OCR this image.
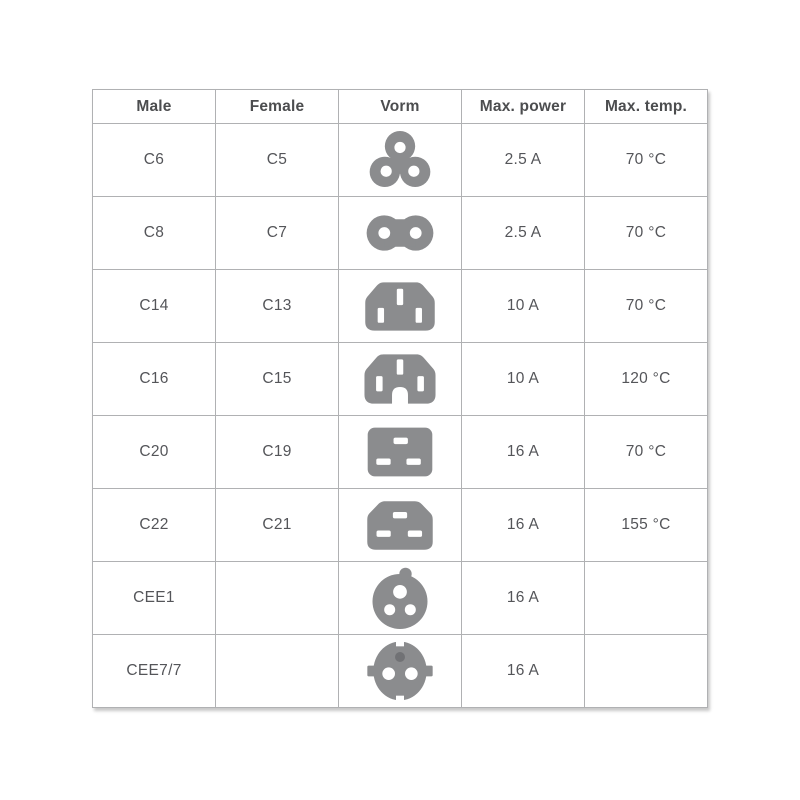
Male	Female	Vorm	Max. power	Max. temp.
C6	C5		2.5 A	70 °C
C8	C7		2.5 A	70 °C
C14	C13		10 A	70 °C
C16	C15		10 A	120 °C
C20	C19		16 A	70 °C
C22	C21		16 A	155 °C
CEE1			16 A	
CEE7/7			16 A	
